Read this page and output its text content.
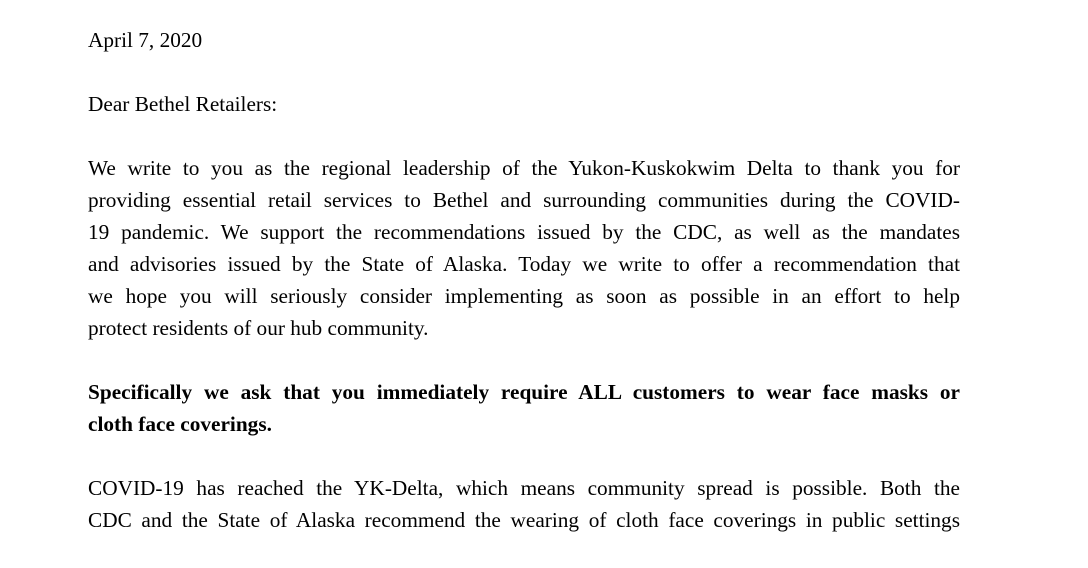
April 7, 2020
Dear Bethel Retailers:
We write to you as the regional leadership of the Yukon-Kuskokwim Delta to thank you for
providing essential retail services to Bethel and surrounding communities during the COVID-
19 pandemic. We support the recommendations issued by the CDC, as well as the mandates
and advisories issued by the State of Alaska. Today we write to offer a recommendation that
we hope you will seriously consider implementing as soon as possible in an effort to help
protect residents of our hub community.
Specifically we ask that you immediately require ALL customers to wear face masks or
cloth face coverings.
COVID-19 has reached the YK-Delta, which means community spread is possible. Both the
CDC and the State of Alaska recommend the wearing of cloth face coverings in public settings
